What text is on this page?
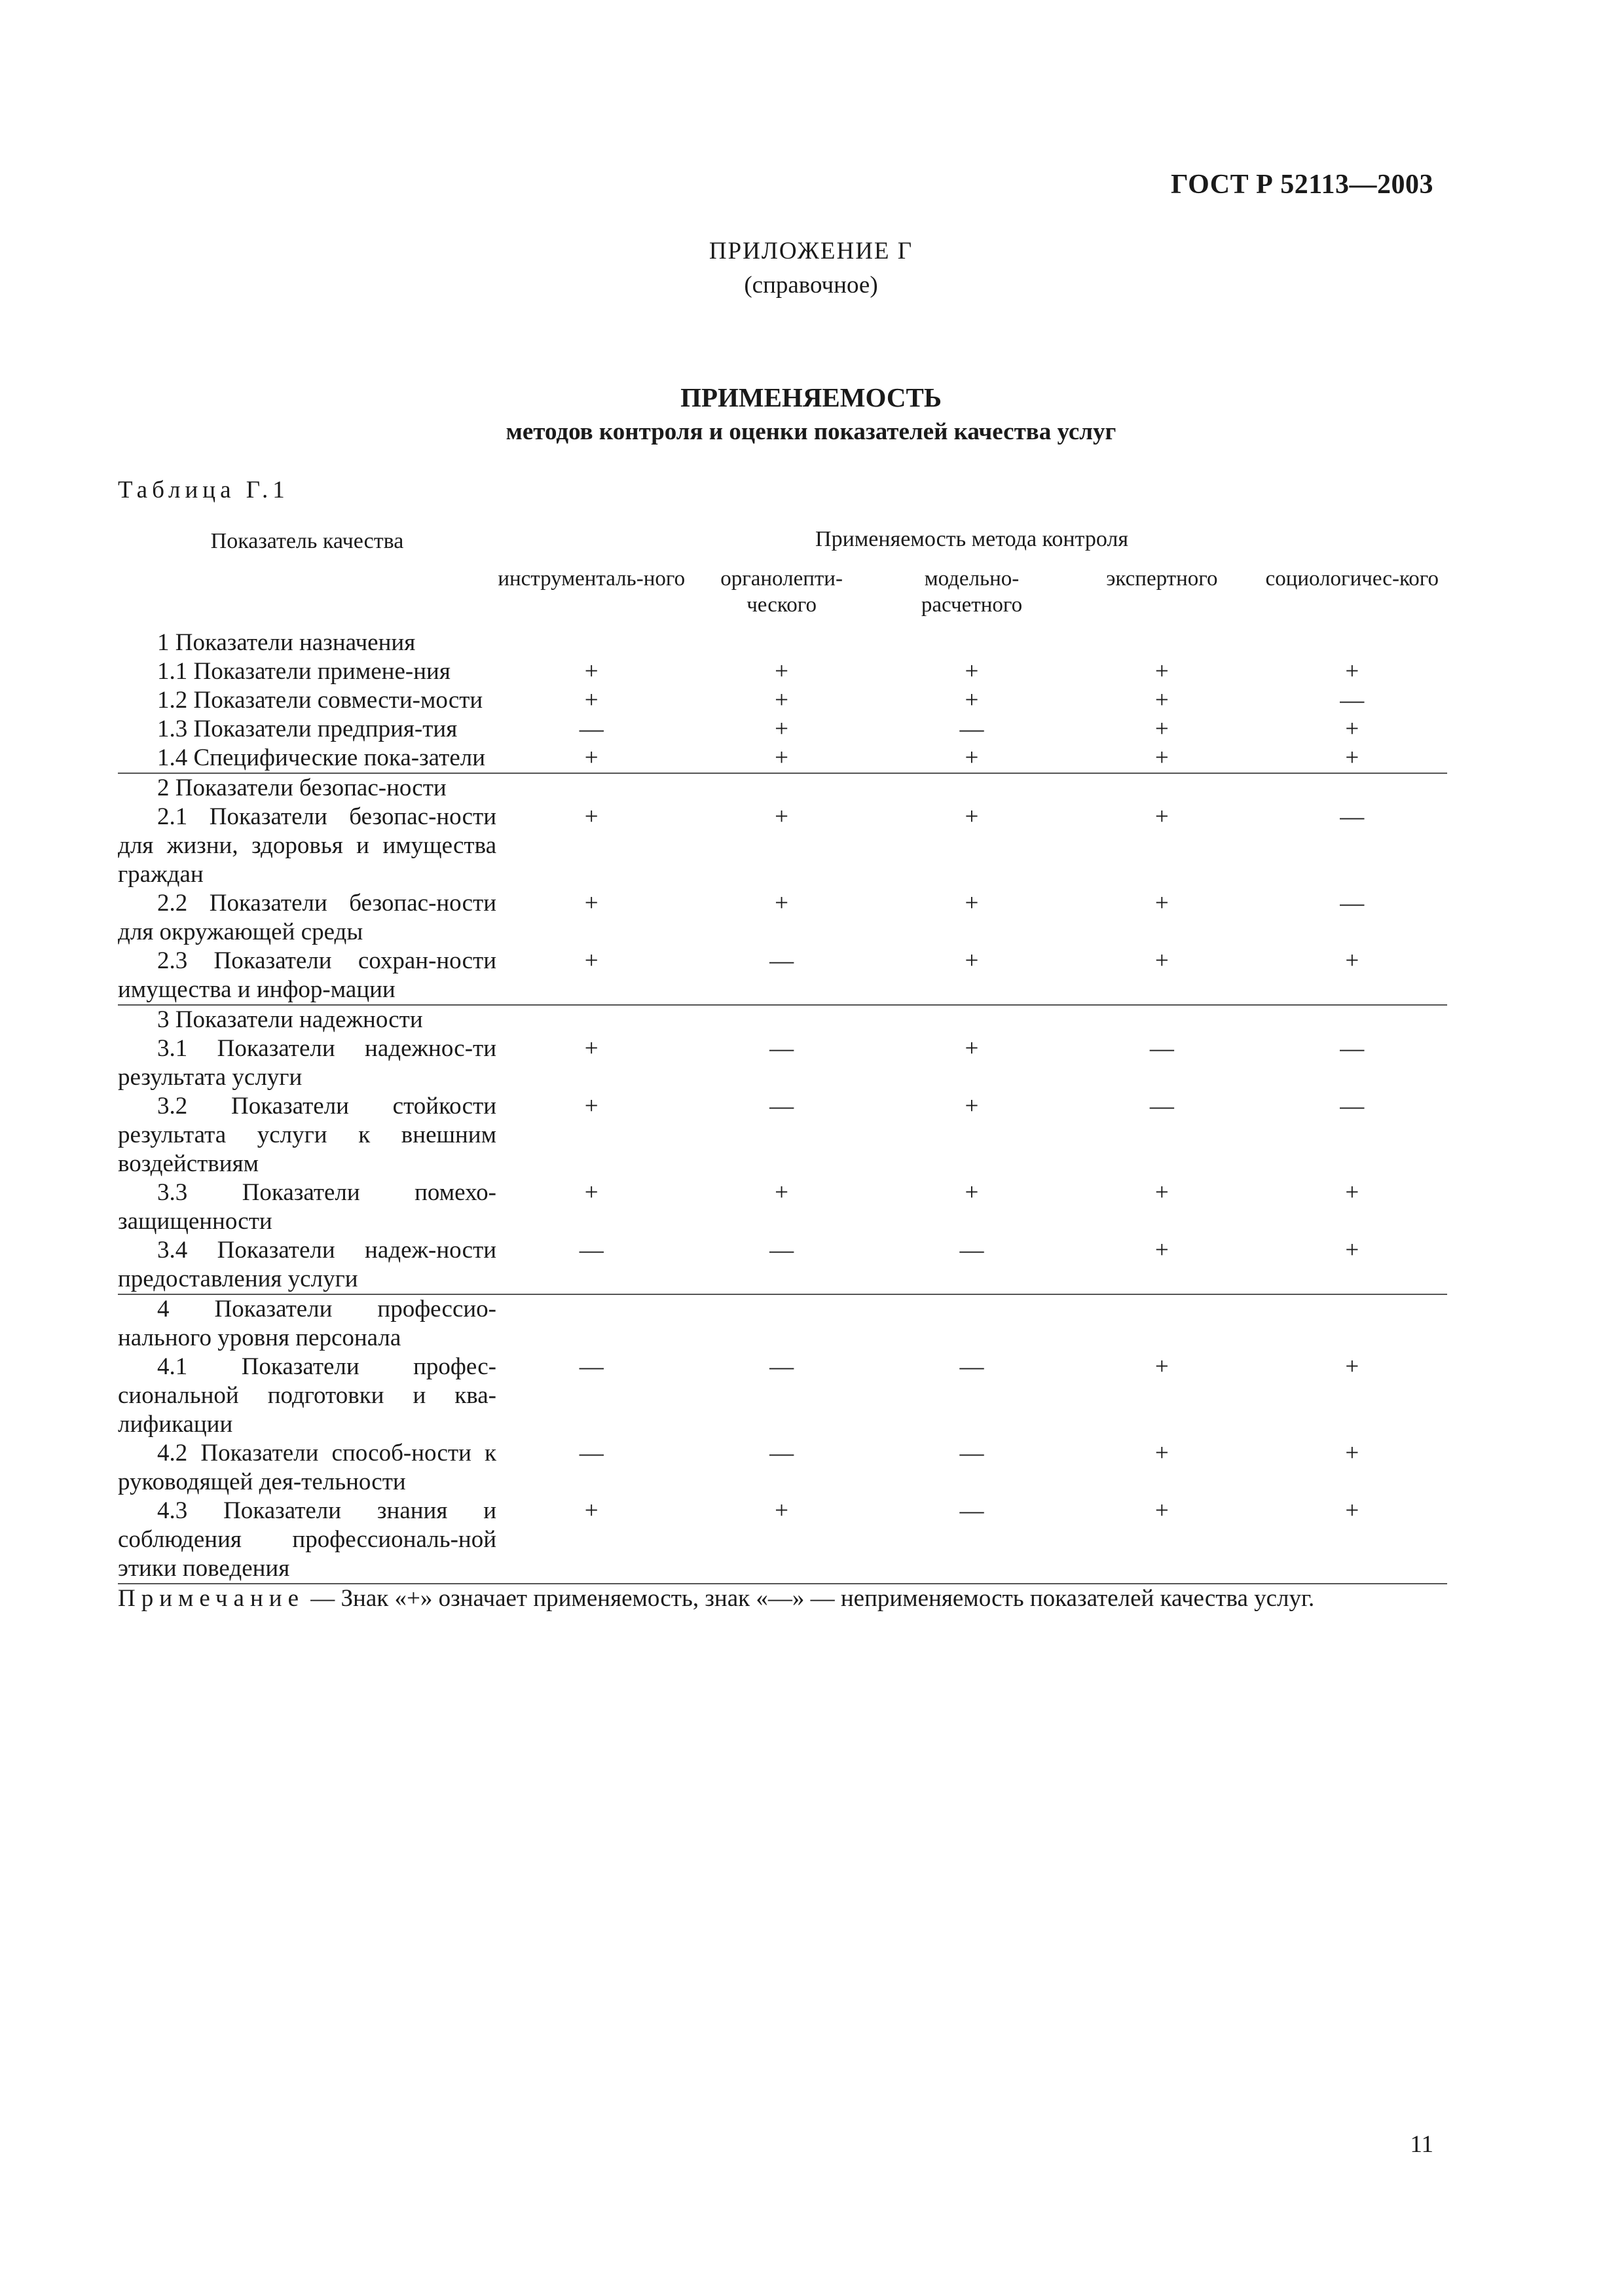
ГОСТ Р 52113—2003
ПРИЛОЖЕНИЕ Г
(справочное)
ПРИМЕНЯЕМОСТЬ
методов контроля и оценки показателей качества услуг
Таблица Г.1
Показатель качества	Применяемость метода контроля				
	инструменталь-ного	органолепти-ческого	модельно-расчетного	экспертного	социологичес-кого

1 Показатели назначения					

1.1 Показатели примене-ния	+	+	+	+	+

1.2 Показатели совмести-мости	+	+	+	+	—

1.3 Показатели предприя-тия	—	+	—	+	+

1.4 Специфические пока-затели	+	+	+	+	+

2 Показатели безопас-ности					

2.1 Показатели безопас-ности для жизни, здоровья и имущества граждан	+	+	+	+	—

2.2 Показатели безопас-ности для окружающей среды	+	+	+	+	—

2.3 Показатели сохран-ности имущества и инфор-мации	+	—	+	+	+

3 Показатели надежности					

3.1 Показатели надежнос-ти результата услуги	+	—	+	—	—

3.2 Показатели стойкости результата услуги к внешним воздействиям	+	—	+	—	—

3.3 Показатели помехо-защищенности	+	+	+	+	+

3.4 Показатели надеж-ности предоставления услуги	—	—	—	+	+

4 Показатели профессио-нального уровня персонала					

4.1 Показатели профес-сиональной подготовки и ква-лификации	—	—	—	+	+

4.2 Показатели способ-ности к руководящей дея-тельности	—	—	—	+	+

4.3 Показатели знания и соблюдения профессиональ-ной этики поведения	+	+	—	+	+
Примечание — Знак «+» означает применяемость, знак «—» — неприменяемость показателей качества услуг.					
11
